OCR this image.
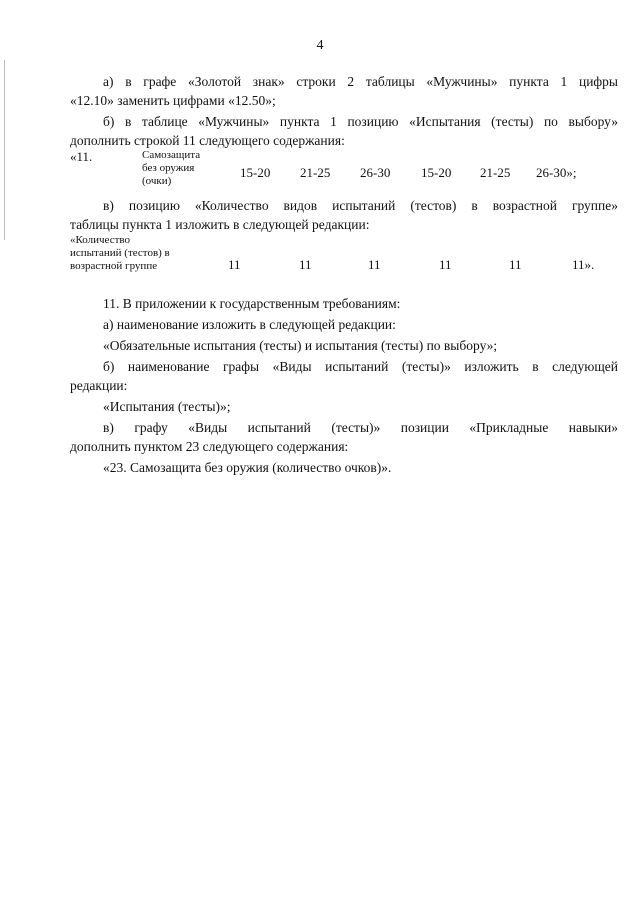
4
а) в графе «Золотой знак» строки 2 таблицы «Мужчины» пункта 1 цифры
«12.10» заменить цифрами «12.50»;
б) в таблице «Мужчины» пункта 1 позицию «Испытания (тесты) по выбору»
дополнить строкой 11 следующего содержания:
«11.	Самозащита
без оружия
(очки)
15-20 21-25 26-30 15-20 21-25 26-30»;
в) позицию «Количество видов испытаний (тестов) в возрастной группе»
таблицы пункта 1 изложить в следующей редакции:
«Количество
испытаний (тестов) в
возрастной группе	11	11	11	11	11	11».
11. В приложении к государственным требованиям:
а) наименование изложить в следующей редакции:
«Обязательные испытания (тесты) и испытания (тесты) по выбору»;
б) наименование графы «Виды испытаний (тесты)» изложить в следующей
редакции:
«Испытания (тесты)»;
в) графу «Виды испытаний (тесты)» позиции «Прикладные навыки»
дополнить пунктом 23 следующего содержания:
«23. Самозащита без оружия (количество очков)».
